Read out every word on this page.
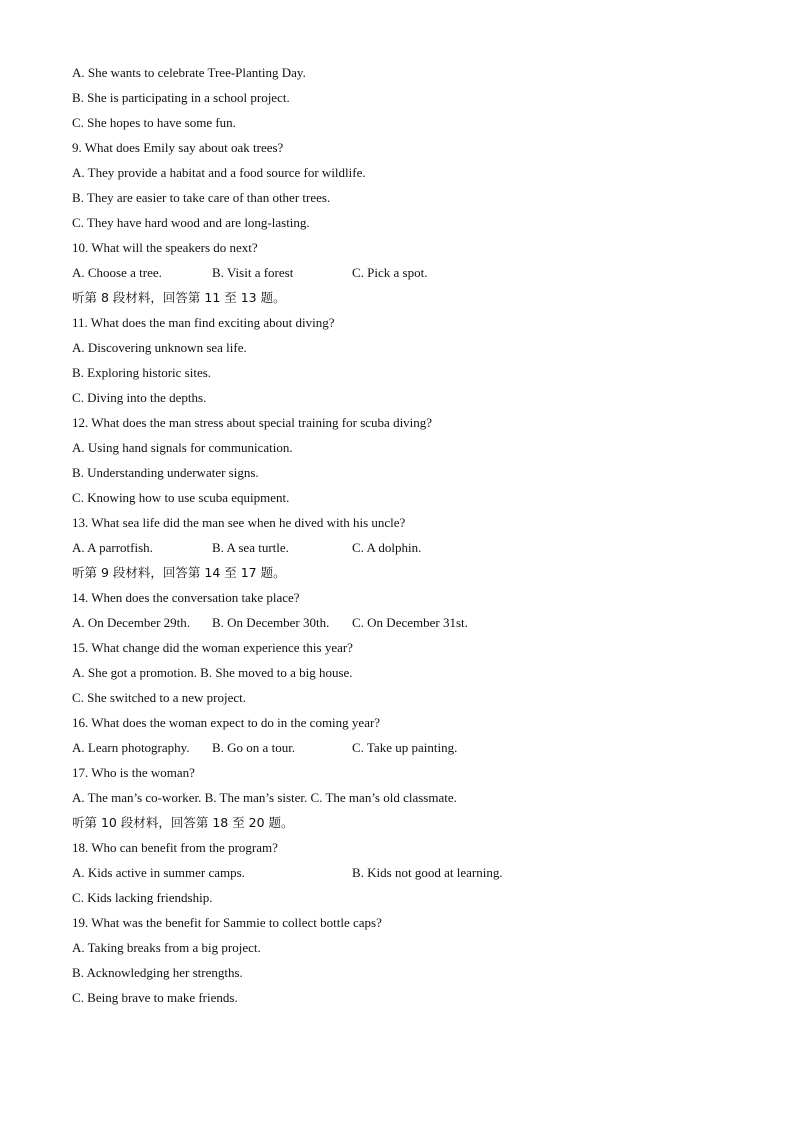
A. She wants to celebrate Tree-Planting Day.
B. She is participating in a school project.
C. She hopes to have some fun.
9. What does Emily say about oak trees?
A. They provide a habitat and a food source for wildlife.
B. They are easier to take care of than other trees.
C. They have hard wood and are long-lasting.
10. What will the speakers do next?
A. Choose a tree.	B. Visit a forest	C. Pick a spot.
听第 8 段材料，回答第 11 至 13 题。
11. What does the man find exciting about diving?
A. Discovering unknown sea life.
B. Exploring historic sites.
C. Diving into the depths.
12. What does the man stress about special training for scuba diving?
A. Using hand signals for communication.
B. Understanding underwater signs.
C. Knowing how to use scuba equipment.
13. What sea life did the man see when he dived with his uncle?
A. A parrotfish.	B. A sea turtle.	C. A dolphin.
听第 9 段材料，回答第 14 至 17 题。
14. When does the conversation take place?
A. On December 29th. B. On December 30th. C. On December 31st.
15. What change did the woman experience this year?
A. She got a promotion. B. She moved to a big house.
C. She switched to a new project.
16. What does the woman expect to do in the coming year?
A. Learn photography. B. Go on a tour.	C. Take up painting.
17. Who is the woman?
A. The man’s co-worker. B. The man’s sister. C. The man’s old classmate.
听第 10 段材料，回答第 18 至 20 题。
18. Who can benefit from the program?
A. Kids active in summer camps.	B. Kids not good at learning.
C. Kids lacking friendship.
19. What was the benefit for Sammie to collect bottle caps?
A. Taking breaks from a big project.
B. Acknowledging her strengths.
C. Being brave to make friends.
